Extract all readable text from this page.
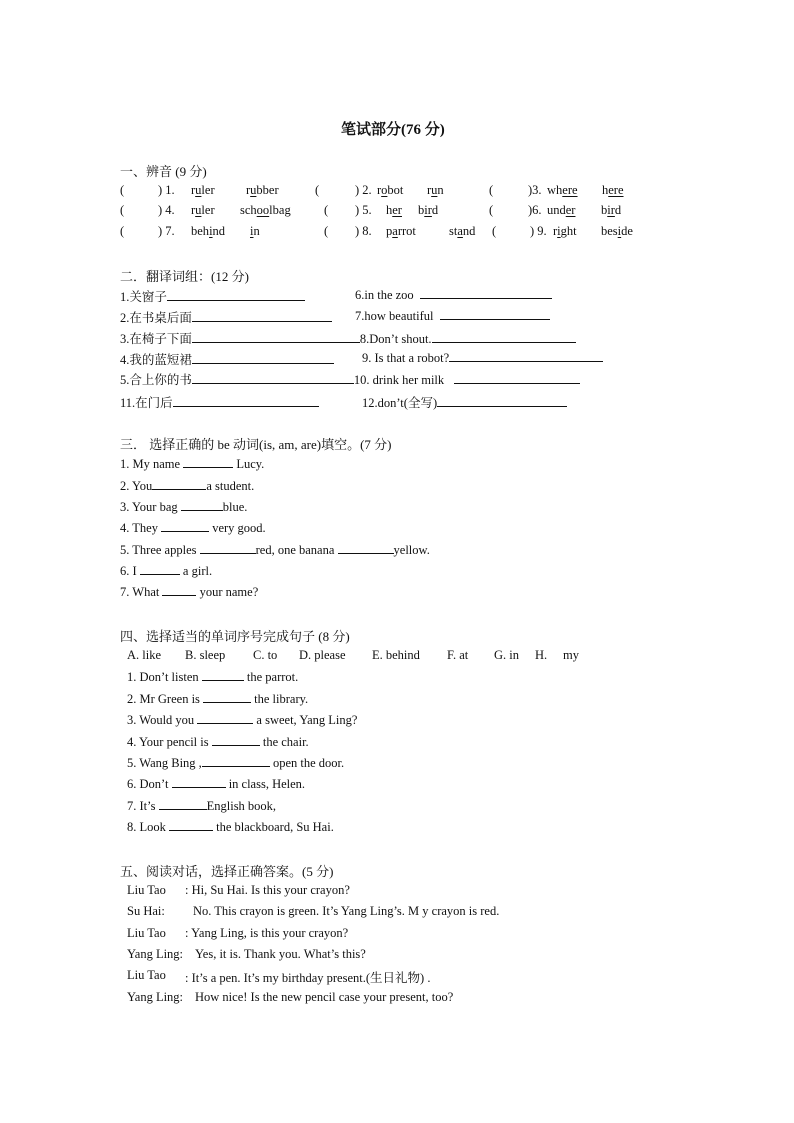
笔试部分(76 分)
一、辨音 (9 分)
(	) 1. ruler	rubber	(	) 2. robot run	(	)3. where here
(	) 4. ruler schoolbag	( ) 5. her bird	(	)6. under bird
(	) 7. behind in	( ) 8. parrot	stand (	) 9. right beside
二．翻译词组：(12 分)
1.关窗子	6.in the zoo
2.在书桌后面	7.how beautiful
3.在椅子下面	8.Don’t shout.
4.我的蓝短裙	9. Is that a robot?
5.合上你的书	10. drink her milk
11.在门后	12.don’t(全写)
三． 选择正确的 be 动词(is, am, are)填空。(7 分)
1. My name	Lucy.
2. You	a student.
3. Your bag	blue.
4. They	very good.
5. Three apples	red, one banana	yellow.
6. I	a girl.
7. What	your name?
四、选择适当的单词序号完成句子 (8 分)
A. like B. sleep C. to D. please E. behind F. at G. in H. my
1. Don’t listen	the parrot.
2. Mr Green is	the library.
3. Would you	a sweet, Yang Ling?
4. Your pencil is	the chair.
5. Wang Bing ,	open the door.
6. Don’t	in class, Helen.
7. It’s	English book,
8. Look	the blackboard, Su Hai.
五、阅读对话，选择正确答案。(5 分)
Liu Tao : Hi, Su Hai. Is this your crayon?
Su Hai: No. This crayon is green. It’s Yang Ling’s. M y crayon is red.
Liu Tao : Yang Ling, is this your crayon?
Yang Ling: Yes, it is. Thank you. What’s this?
Liu Tao : It’s a pen. It’s my birthday present.(生日礼物) .
Yang Ling: How nice! Is the new pencil case your present, too?
